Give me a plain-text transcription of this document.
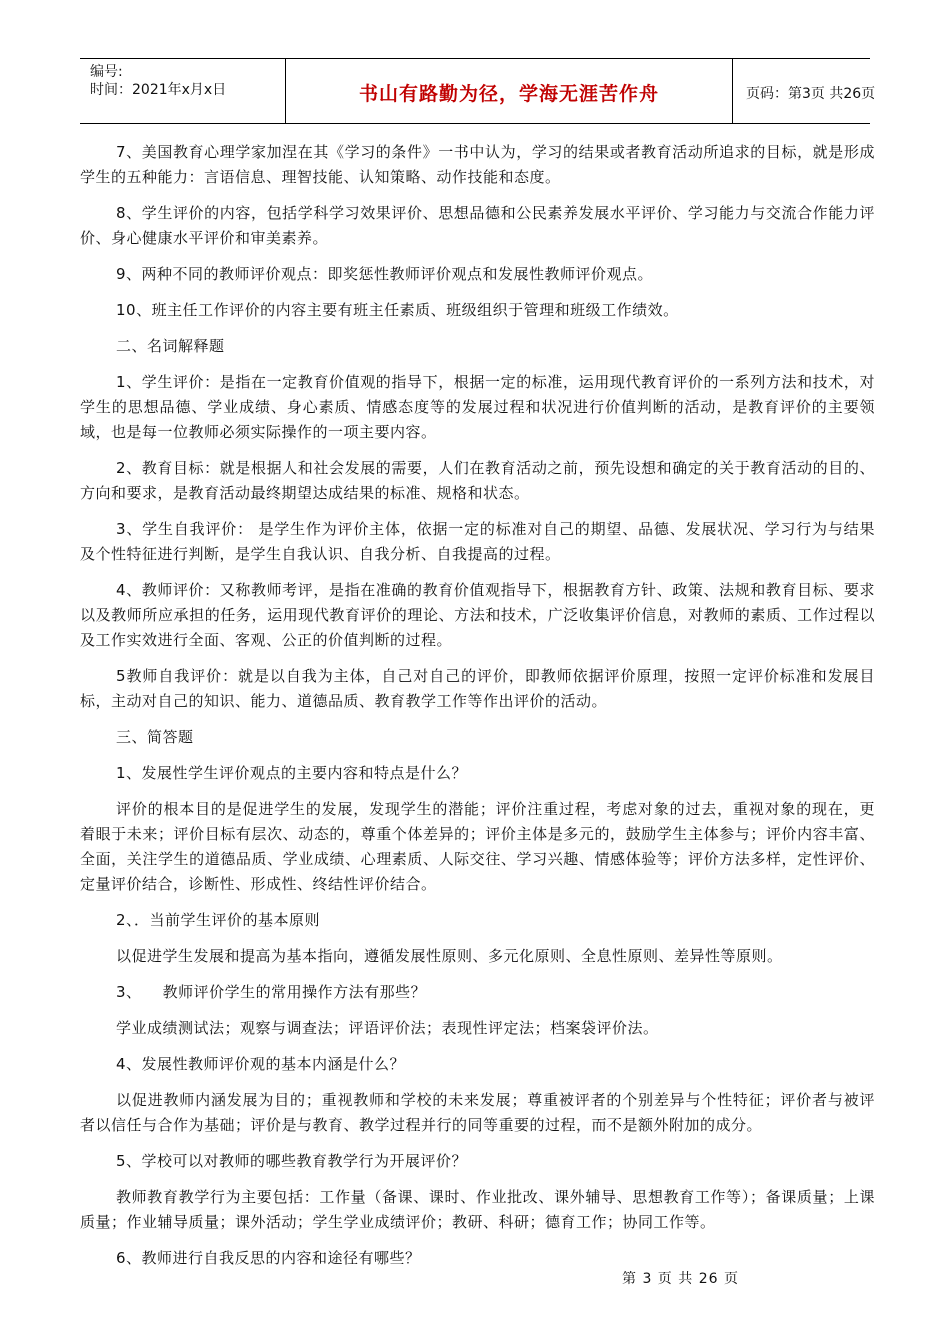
编号:
时间：2021年x月x日	书山有路勤为径，学海无涯苦作舟	页码：第3页 共26页

7、美国教育心理学家加涅在其《学习的条件》一书中认为，学习的结果或者教育活动所追求的目标，就是形成学生的五种能力：言语信息、理智技能、认知策略、动作技能和态度。

8、学生评价的内容，包括学科学习效果评价、思想品德和公民素养发展水平评价、学习能力与交流合作能力评价、身心健康水平评价和审美素养。

9、两种不同的教师评价观点：即奖惩性教师评价观点和发展性教师评价观点。

10、班主任工作评价的内容主要有班主任素质、班级组织于管理和班级工作绩效。

二、名词解释题

1、学生评价：是指在一定教育价值观的指导下，根据一定的标准，运用现代教育评价的一系列方法和技术，对学生的思想品德、学业成绩、身心素质、情感态度等的发展过程和状况进行价值判断的活动，是教育评价的主要领域，也是每一位教师必须实际操作的一项主要内容。

2、教育目标：就是根据人和社会发展的需要，人们在教育活动之前，预先设想和确定的关于教育活动的目的、方向和要求，是教育活动最终期望达成结果的标准、规格和状态。

3、学生自我评价： 是学生作为评价主体，依据一定的标准对自己的期望、品德、发展状况、学习行为与结果及个性特征进行判断，是学生自我认识、自我分析、自我提高的过程。

4、教师评价：又称教师考评，是指在准确的教育价值观指导下，根据教育方针、政策、法规和教育目标、要求以及教师所应承担的任务，运用现代教育评价的理论、方法和技术，广泛收集评价信息，对教师的素质、工作过程以及工作实效进行全面、客观、公正的价值判断的过程。

5教师自我评价：就是以自我为主体，自己对自己的评价，即教师依据评价原理，按照一定评价标准和发展目标，主动对自己的知识、能力、道德品质、教育教学工作等作出评价的活动。

三、简答题

1、发展性学生评价观点的主要内容和特点是什么？

评价的根本目的是促进学生的发展，发现学生的潜能；评价注重过程，考虑对象的过去，重视对象的现在，更着眼于未来；评价目标有层次、动态的，尊重个体差异的；评价主体是多元的，鼓励学生主体参与；评价内容丰富、全面，关注学生的道德品质、学业成绩、心理素质、人际交往、学习兴趣、情感体验等；评价方法多样，定性评价、定量评价结合，诊断性、形成性、终结性评价结合。

2、．当前学生评价的基本原则

以促进学生发展和提高为基本指向，遵循发展性原则、多元化原则、全息性原则、差异性等原则。

3、    教师评价学生的常用操作方法有那些？

学业成绩测试法；观察与调查法；评语评价法；表现性评定法；档案袋评价法。

4、发展性教师评价观的基本内涵是什么？

以促进教师内涵发展为目的；重视教师和学校的未来发展；尊重被评者的个别差异与个性特征；评价者与被评者以信任与合作为基础；评价是与教育、教学过程并行的同等重要的过程，而不是额外附加的成分。

5、学校可以对教师的哪些教育教学行为开展评价？

教师教育教学行为主要包括：工作量（备课、课时、作业批改、课外辅导、思想教育工作等）；备课质量；上课质量；作业辅导质量；课外活动；学生学业成绩评价；教研、科研；德育工作；协同工作等。

6、教师进行自我反思的内容和途径有哪些？

第 3 页 共 26 页
